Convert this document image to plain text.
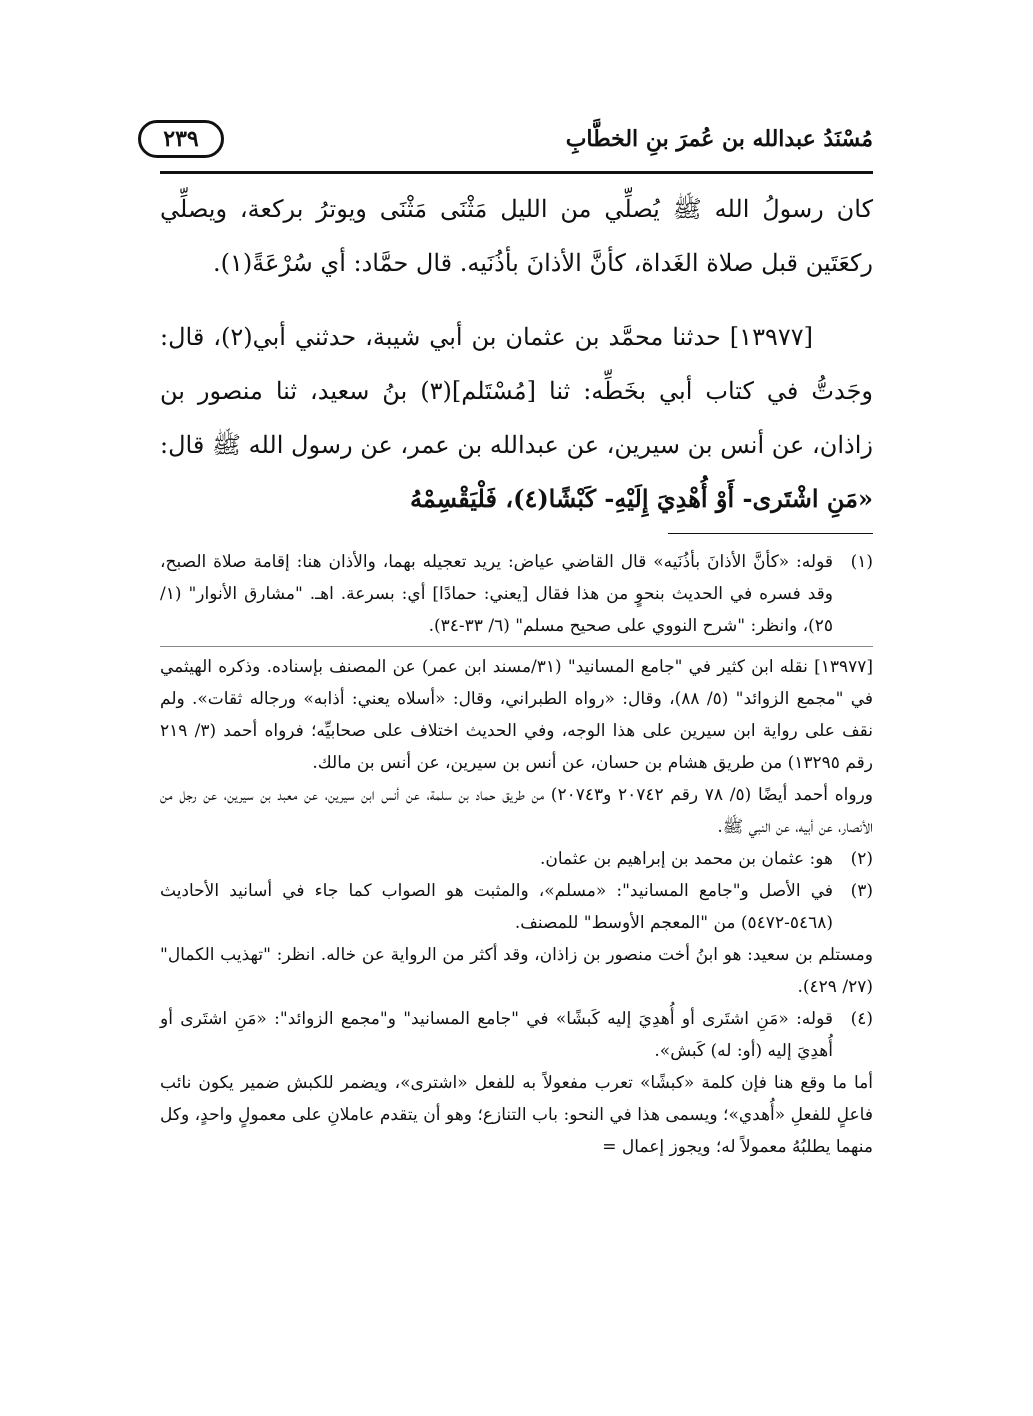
مُسْنَدُ عبدالله بن عُمرَ بنِ الخطَّابِ
٢٣٩

كان رسولُ الله ﷺ يُصلِّي من الليل مَثْنَى مَثْنَى ويوترُ بركعة، ويصلِّي ركعَتَين قبل صلاة الغَداة، كأنَّ الأذانَ بأذُنَيه. قال حمَّاد: أي سُرْعَةً(١).

[١٣٩٧٧] حدثنا محمَّد بن عثمان بن أبي شيبة، حدثني أبي(٢)، قال: وجَدتُّ في كتاب أبي بخَطِّه: ثنا [مُسْتَلم](٣) بنُ سعيد، ثنا منصور بن زاذان، عن أنس بن سيرين، عن عبدالله بن عمر، عن رسول الله ﷺ قال: «مَنِ اشْتَرى- أَوْ أُهْدِيَ إِلَيْهِ- كَبْشًا(٤)، فَلْيَقْسِمْهُ

(١)
قوله: «كأنَّ الأذانَ بأذُنَيه» قال القاضي عياض: يريد تعجيله بهما، والأذان هنا: إقامة صلاة الصبح، وقد فسره في الحديث بنحوٍ من هذا فقال [يعني: حمادًا] أي: بسرعة. اهـ. "مشارق الأنوار" (١/ ٢٥)، وانظر: "شرح النووي على صحيح مسلم" (٦/ ٣٣-٣٤).

[١٣٩٧٧] نقله ابن كثير في "جامع المسانيد" (٣١/مسند ابن عمر) عن المصنف بإسناده. وذكره الهيثمي في "مجمع الزوائد" (٥/ ٨٨)، وقال: «رواه الطبراني، وقال: «أسلاه يعني: أذابه» ورجاله ثقات». ولم نقف على رواية ابن سيرين على هذا الوجه، وفي الحديث اختلاف على صحابيِّه؛ فرواه أحمد (٣/ ٢١٩ رقم ١٣٢٩٥) من طريق هشام بن حسان، عن أنس بن سيرين، عن أنس بن مالك.

ورواه أحمد أيضًا (٥/ ٧٨ رقم ٢٠٧٤٢ و٢٠٧٤٣) من طريق حماد بن سلمة، عن أنس ابن سيرين، عن معبد بن سيرين، عن رجل من الأنصار، عن أبيه، عن النبي ﷺ.

(٢)
هو: عثمان بن محمد بن إبراهيم بن عثمان.
(٣)
في الأصل و"جامع المسانيد": «مسلم»، والمثبت هو الصواب كما جاء في أسانيد الأحاديث (٥٤٦٨-٥٤٧٢) من "المعجم الأوسط" للمصنف.

ومستلم بن سعيد: هو ابنُ أخت منصور بن زاذان، وقد أكثر من الرواية عن خاله. انظر: "تهذيب الكمال" (٢٧/ ٤٢٩).

(٤)
قوله: «مَنِ اشتَرى أو أُهدِيَ إليه كَبشًا» في "جامع المسانيد" و"مجمع الزوائد": «مَنِ اشتَرى أو أُهدِيَ إليه (أو: له) كَبش».

أما ما وقع هنا فإن كلمة «كبشًا» تعرب مفعولاً به للفعل «اشترى»، ويضمر للكبش ضمير يكون نائب فاعلٍ للفعلِ «أُهدي»؛ ويسمى هذا في النحو: باب التنازع؛ وهو أن يتقدم عاملانِ على معمولٍ واحدٍ، وكل منهما يطلبُهُ معمولاً له؛ ويجوز إعمال =
